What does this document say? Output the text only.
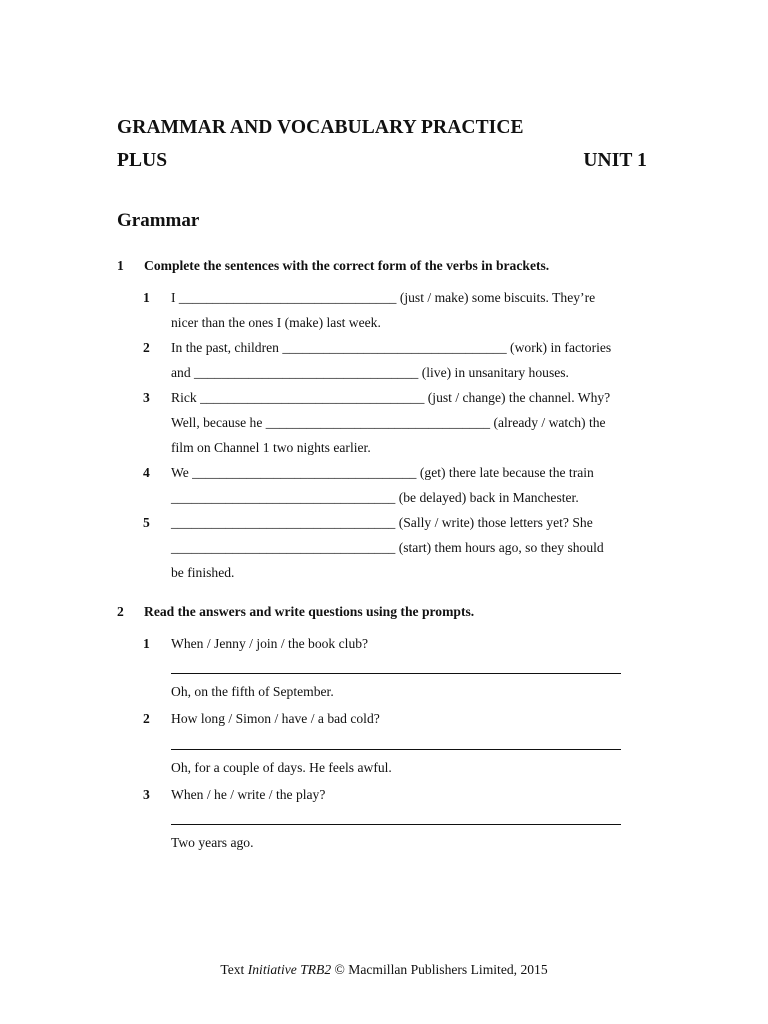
GRAMMAR AND VOCABULARY PRACTICE
PLUS	UNIT 1
Grammar
1 Complete the sentences with the correct form of the verbs in brackets.
1 I ________________________________ (just / make) some biscuits. They’re
nicer than the ones I (make) last week.
2 In the past, children _________________________________ (work) in factories
and _________________________________ (live) in unsanitary houses.
3 Rick _________________________________ (just / change) the channel. Why?
Well, because he _________________________________ (already / watch) the
film on Channel 1 two nights earlier.
4 We _________________________________ (get) there late because the train
_________________________________ (be delayed) back in Manchester.
5 _________________________________ (Sally / write) those letters yet? She
_________________________________ (start) them hours ago, so they should
be finished.
2 Read the answers and write questions using the prompts.
1 When / Jenny / join / the book club?
Oh, on the fifth of September.
2 How long / Simon / have / a bad cold?
Oh, for a couple of days. He feels awful.
3 When / he / write / the play?
Two years ago.
Text Initiative TRB2 © Macmillan Publishers Limited, 2015
